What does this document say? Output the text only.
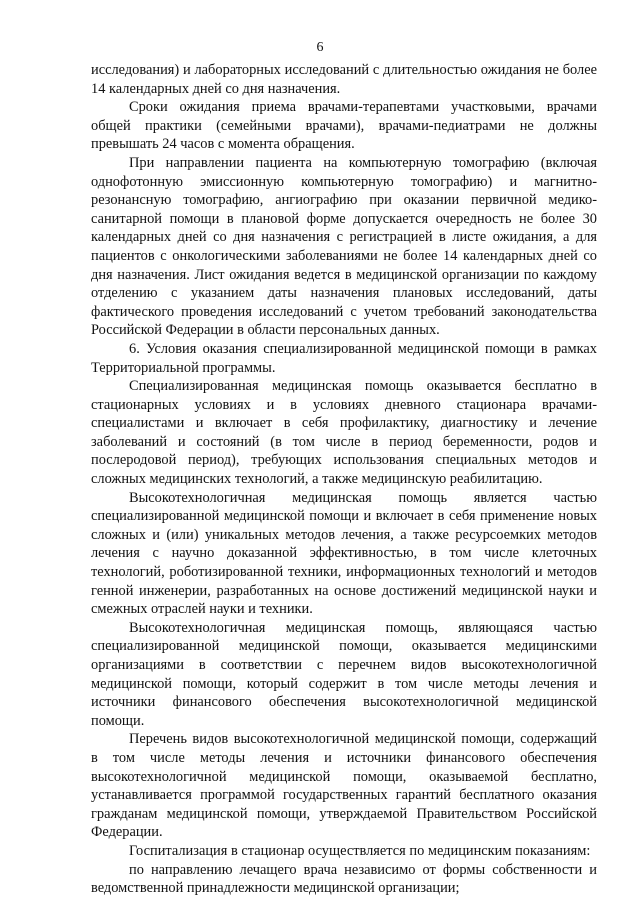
6

исследования) и лабораторных исследований с длительностью ожидания не более 14 календарных дней со дня назначения.

Сроки ожидания приема врачами-терапевтами участковыми, врачами общей практики (семейными врачами), врачами-педиатрами не должны превышать 24 часов с момента обращения.

При направлении пациента на компьютерную томографию (включая однофотонную эмиссионную компьютерную томографию) и магнитно-резонансную томографию, ангиографию при оказании первичной медико-санитарной помощи в плановой форме допускается очередность не более 30 календарных дней со дня назначения с регистрацией в листе ожидания, а для пациентов с онкологическими заболеваниями не более 14 календарных дней со дня назначения. Лист ожидания ведется в медицинской организации по каждому отделению с указанием даты назначения плановых исследований, даты фактического проведения исследований с учетом требований законодательства Российской Федерации в области персональных данных.

6. Условия оказания специализированной медицинской помощи в рамках Территориальной программы.

Специализированная медицинская помощь оказывается бесплатно в стационарных условиях и в условиях дневного стационара врачами-специалистами и включает в себя профилактику, диагностику и лечение заболеваний и состояний (в том числе в период беременности, родов и послеродовой период), требующих использования специальных методов и сложных медицинских технологий, а также медицинскую реабилитацию.

Высокотехнологичная медицинская помощь является частью специализированной медицинской помощи и включает в себя применение новых сложных и (или) уникальных методов лечения, а также ресурсоемких методов лечения с научно доказанной эффективностью, в том числе клеточных технологий, роботизированной техники, информационных технологий и методов генной инженерии, разработанных на основе достижений медицинской науки и смежных отраслей науки и техники.

Высокотехнологичная медицинская помощь, являющаяся частью специализированной медицинской помощи, оказывается медицинскими организациями в соответствии с перечнем видов высокотехнологичной медицинской помощи, который содержит в том числе методы лечения и источники финансового обеспечения высокотехнологичной медицинской помощи.

Перечень видов высокотехнологичной медицинской помощи, содержащий в том числе методы лечения и источники финансового обеспечения высокотехнологичной медицинской помощи, оказываемой бесплатно, устанавливается программой государственных гарантий бесплатного оказания гражданам медицинской помощи, утверждаемой Правительством Российской Федерации.

Госпитализация в стационар осуществляется по медицинским показаниям:

по направлению лечащего врача независимо от формы собственности и ведомственной принадлежности медицинской организации;
